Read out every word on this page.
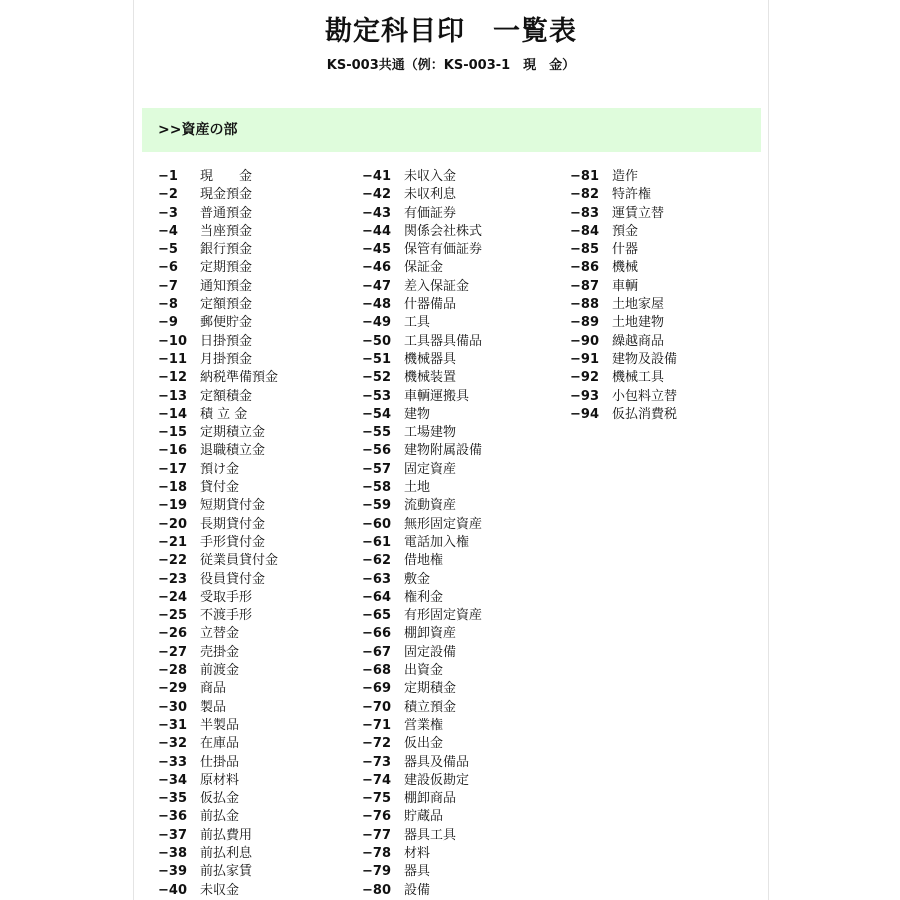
勘定科目印　一覧表
KS-003共通（例：KS-003-1　現　金）
>>資産の部
−1 現　　金
−2 現金預金
−3 普通預金
−4 当座預金
−5 銀行預金
−6 定期預金
−7 通知預金
−8 定額預金
−9 郵便貯金
−10 日掛預金
−11 月掛預金
−12 納税準備預金
−13 定額積金
−14 積 立 金
−15 定期積立金
−16 退職積立金
−17 預け金
−18 貸付金
−19 短期貸付金
−20 長期貸付金
−21 手形貸付金
−22 従業員貸付金
−23 役員貸付金
−24 受取手形
−25 不渡手形
−26 立替金
−27 売掛金
−28 前渡金
−29 商品
−30 製品
−31 半製品
−32 在庫品
−33 仕掛品
−34 原材料
−35 仮払金
−36 前払金
−37 前払費用
−38 前払利息
−39 前払家賃
−40 未収金
−41 未収入金
−42 未収利息
−43 有価証券
−44 関係会社株式
−45 保管有価証券
−46 保証金
−47 差入保証金
−48 什器備品
−49 工具
−50 工具器具備品
−51 機械器具
−52 機械装置
−53 車輌運搬具
−54 建物
−55 工場建物
−56 建物附属設備
−57 固定資産
−58 土地
−59 流動資産
−60 無形固定資産
−61 電話加入権
−62 借地権
−63 敷金
−64 権利金
−65 有形固定資産
−66 棚卸資産
−67 固定設備
−68 出資金
−69 定期積金
−70 積立預金
−71 営業権
−72 仮出金
−73 器具及備品
−74 建設仮勘定
−75 棚卸商品
−76 貯蔵品
−77 器具工具
−78 材料
−79 器具
−80 設備
−81 造作
−82 特許権
−83 運賃立替
−84 預金
−85 什器
−86 機械
−87 車輌
−88 土地家屋
−89 土地建物
−90 繰越商品
−91 建物及設備
−92 機械工具
−93 小包料立替
−94 仮払消費税
